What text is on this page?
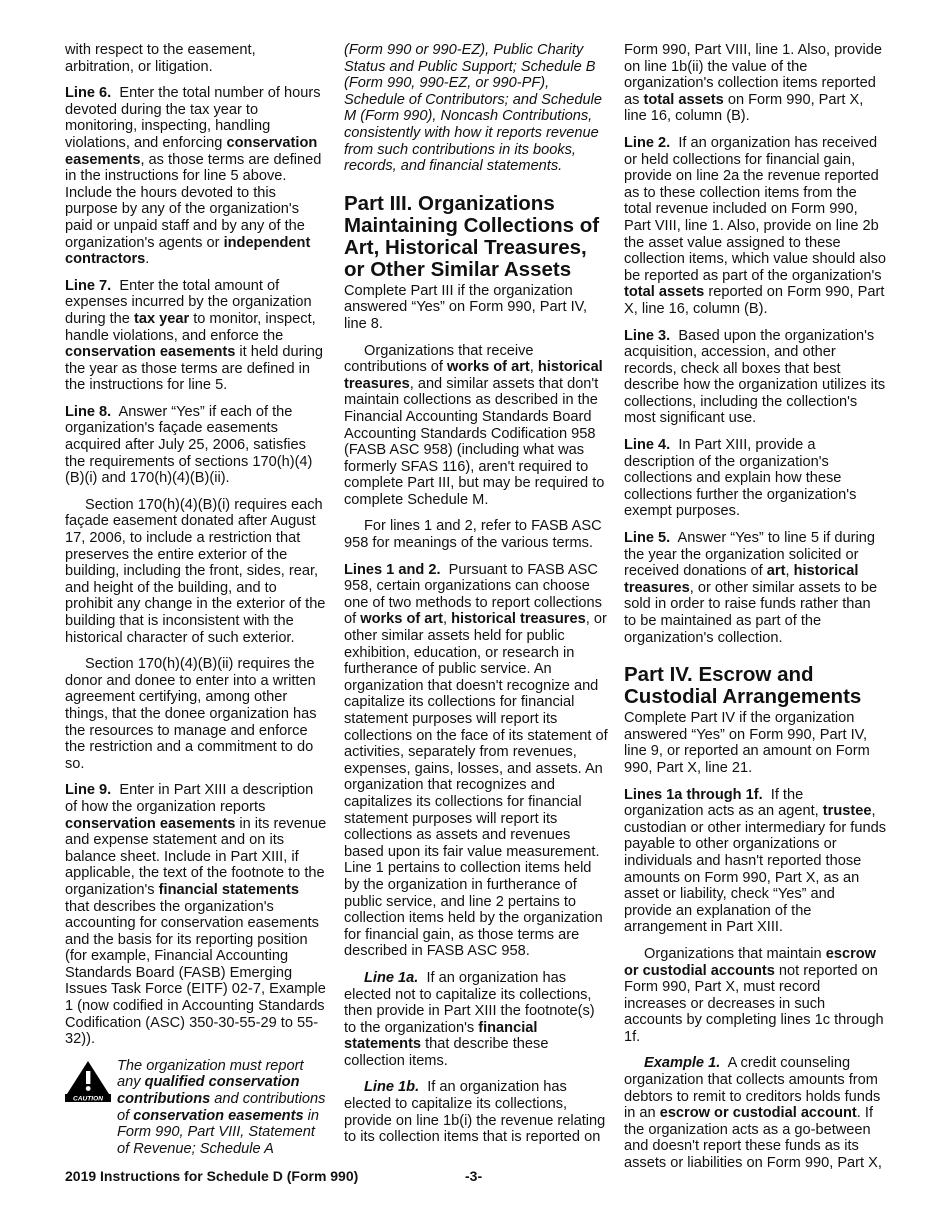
with respect to the easement, arbitration, or litigation.

Line 6. Enter the total number of hours devoted during the tax year to monitoring, inspecting, handling violations, and enforcing conservation easements, as those terms are defined in the instructions for line 5 above. Include the hours devoted to this purpose by any of the organization's paid or unpaid staff and by any of the organization's agents or independent contractors.

Line 7. Enter the total amount of expenses incurred by the organization during the tax year to monitor, inspect, handle violations, and enforce the conservation easements it held during the year as those terms are defined in the instructions for line 5.

Line 8. Answer “Yes” if each of the organization's façade easements acquired after July 25, 2006, satisfies the requirements of sections 170(h)(4)(B)(i) and 170(h)(4)(B)(ii).

Section 170(h)(4)(B)(i) requires each façade easement donated after August 17, 2006, to include a restriction that preserves the entire exterior of the building, including the front, sides, rear, and height of the building, and to prohibit any change in the exterior of the building that is inconsistent with the historical character of such exterior.

Section 170(h)(4)(B)(ii) requires the donor and donee to enter into a written agreement certifying, among other things, that the donee organization has the resources to manage and enforce the restriction and a commitment to do so.

Line 9. Enter in Part XIII a description of how the organization reports conservation easements in its revenue and expense statement and on its balance sheet. Include in Part XIII, if applicable, the text of the footnote to the organization's financial statements that describes the organization's accounting for conservation easements and the basis for its reporting position (for example, Financial Accounting Standards Board (FASB) Emerging Issues Task Force (EITF) 02-7, Example 1 (now codified in Accounting Standards Codification (ASC) 350-30-55-29 to 55-32)).

CAUTION
The organization must report any qualified conservation contributions and contributions of conservation easements in Form 990, Part VIII, Statement of Revenue; Schedule A

(Form 990 or 990-EZ), Public Charity Status and Public Support; Schedule B (Form 990, 990-EZ, or 990-PF), Schedule of Contributors; and Schedule M (Form 990), Noncash Contributions, consistently with how it reports revenue from such contributions in its books, records, and financial statements.

Part III. Organizations Maintaining Collections of Art, Historical Treasures, or Other Similar Assets

Complete Part III if the organization answered “Yes” on Form 990, Part IV, line 8.

Organizations that receive contributions of works of art, historical treasures, and similar assets that don't maintain collections as described in the Financial Accounting Standards Board Accounting Standards Codification 958 (FASB ASC 958) (including what was formerly SFAS 116), aren't required to complete Part III, but may be required to complete Schedule M.

For lines 1 and 2, refer to FASB ASC 958 for meanings of the various terms.

Lines 1 and 2. Pursuant to FASB ASC 958, certain organizations can choose one of two methods to report collections of works of art, historical treasures, or other similar assets held for public exhibition, education, or research in furtherance of public service. An organization that doesn't recognize and capitalize its collections for financial statement purposes will report its collections on the face of its statement of activities, separately from revenues, expenses, gains, losses, and assets. An organization that recognizes and capitalizes its collections for financial statement purposes will report its collections as assets and revenues based upon its fair value measurement. Line 1 pertains to collection items held by the organization in furtherance of public service, and line 2 pertains to collection items held by the organization for financial gain, as those terms are described in FASB ASC 958.

Line 1a. If an organization has elected not to capitalize its collections, then provide in Part XIII the footnote(s) to the organization's financial statements that describe these collection items.

Line 1b. If an organization has elected to capitalize its collections, provide on line 1b(i) the revenue relating to its collection items that is reported on

Form 990, Part VIII, line 1. Also, provide on line 1b(ii) the value of the organization's collection items reported as total assets on Form 990, Part X, line 16, column (B).

Line 2. If an organization has received or held collections for financial gain, provide on line 2a the revenue reported as to these collection items from the total revenue included on Form 990, Part VIII, line 1. Also, provide on line 2b the asset value assigned to these collection items, which value should also be reported as part of the organization's total assets reported on Form 990, Part X, line 16, column (B).

Line 3. Based upon the organization's acquisition, accession, and other records, check all boxes that best describe how the organization utilizes its collections, including the collection's most significant use.

Line 4. In Part XIII, provide a description of the organization's collections and explain how these collections further the organization's exempt purposes.

Line 5. Answer “Yes” to line 5 if during the year the organization solicited or received donations of art, historical treasures, or other similar assets to be sold in order to raise funds rather than to be maintained as part of the organization's collection.

Part IV. Escrow and Custodial Arrangements

Complete Part IV if the organization answered “Yes” on Form 990, Part IV, line 9, or reported an amount on Form 990, Part X, line 21.

Lines 1a through 1f. If the organization acts as an agent, trustee, custodian or other intermediary for funds payable to other organizations or individuals and hasn't reported those amounts on Form 990, Part X, as an asset or liability, check “Yes” and provide an explanation of the arrangement in Part XIII.

Organizations that maintain escrow or custodial accounts not reported on Form 990, Part X, must record increases or decreases in such accounts by completing lines 1c through 1f.

Example 1. A credit counseling organization that collects amounts from debtors to remit to creditors holds funds in an escrow or custodial account. If the organization acts as a go-between and doesn't report these funds as its assets or liabilities on Form 990, Part X,

2019 Instructions for Schedule D (Form 990)	-3-
